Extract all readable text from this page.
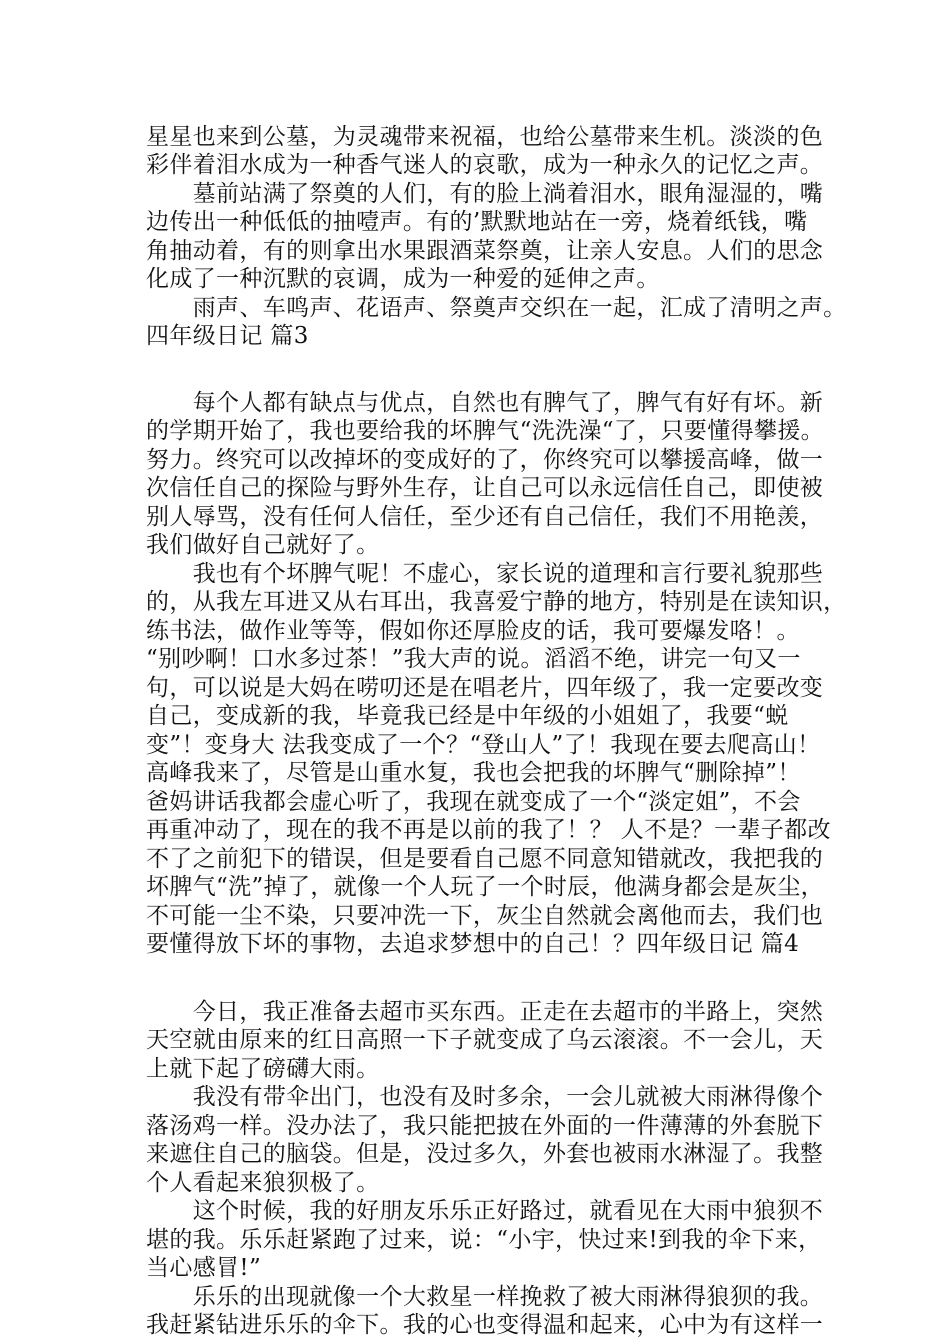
星星也来到公墓，为灵魂带来祝福，也给公墓带来生机。淡淡的色
彩伴着泪水成为一种香气迷人的哀歌，成为一种永久的记忆之声。
　　墓前站满了祭奠的人们，有的脸上淌着泪水，眼角湿湿的，嘴
边传出一种低低的抽噎声。有的’默默地站在一旁，烧着纸钱，嘴
角抽动着，有的则拿出水果跟酒菜祭奠，让亲人安息。人们的思念
化成了一种沉默的哀调，成为一种爱的延伸之声。
　　雨声、车鸣声、花语声、祭奠声交织在一起，汇成了清明之声。
四年级日记 篇3
　　每个人都有缺点与优点，自然也有脾气了，脾气有好有坏。新
的学期开始了，我也要给我的坏脾气“洗洗澡“了，只要懂得攀援。
努力。终究可以改掉坏的变成好的了，你终究可以攀援高峰，做一
次信任自己的探险与野外生存，让自己可以永远信任自己，即使被
别人辱骂，没有任何人信任，至少还有自己信任，我们不用艳羡，
我们做好自己就好了。
　　我也有个坏脾气呢！不虚心，家长说的道理和言行要礼貌那些
的，从我左耳进又从右耳出，我喜爱宁静的地方，特别是在读知识，
练书法，做作业等等，假如你还厚脸皮的话，我可要爆发咯！。
“别吵啊！口水多过茶！”我大声的说。滔滔不绝，讲完一句又一
句，可以说是大妈在唠叨还是在唱老片，四年级了，我一定要改变
自己，变成新的我，毕竟我已经是中年级的小姐姐了，我要“蜕
变”！变身大 法我变成了一个？“登山人”了！我现在要去爬高山！
高峰我来了，尽管是山重水复，我也会把我的坏脾气“删除掉”！
爸妈讲话我都会虚心听了，我现在就变成了一个“淡定姐”，不会
再重冲动了，现在的我不再是以前的我了！？ 人不是？一辈子都改
不了之前犯下的错误，但是要看自己愿不同意知错就改，我把我的
坏脾气“洗”掉了，就像一个人玩了一个时辰，他满身都会是灰尘，
不可能一尘不染，只要冲洗一下，灰尘自然就会离他而去，我们也
要懂得放下坏的事物，去追求梦想中的自己！？四年级日记 篇4
　　今日，我正准备去超市买东西。正走在去超市的半路上，突然
天空就由原来的红日高照一下子就变成了乌云滚滚。不一会儿，天
上就下起了磅礴大雨。
　　我没有带伞出门，也没有及时多余，一会儿就被大雨淋得像个
落汤鸡一样。没办法了，我只能把披在外面的一件薄薄的外套脱下
来遮住自己的脑袋。但是，没过多久，外套也被雨水淋湿了。我整
个人看起来狼狈极了。
　　这个时候，我的好朋友乐乐正好路过，就看见在大雨中狼狈不
堪的我。乐乐赶紧跑了过来，说：“小宇，快过来!到我的伞下来，
当心感冒!”
　　乐乐的出现就像一个大救星一样挽救了被大雨淋得狼狈的我。
我赶紧钻进乐乐的伞下。我的心也变得温和起来，心中为有这样一
